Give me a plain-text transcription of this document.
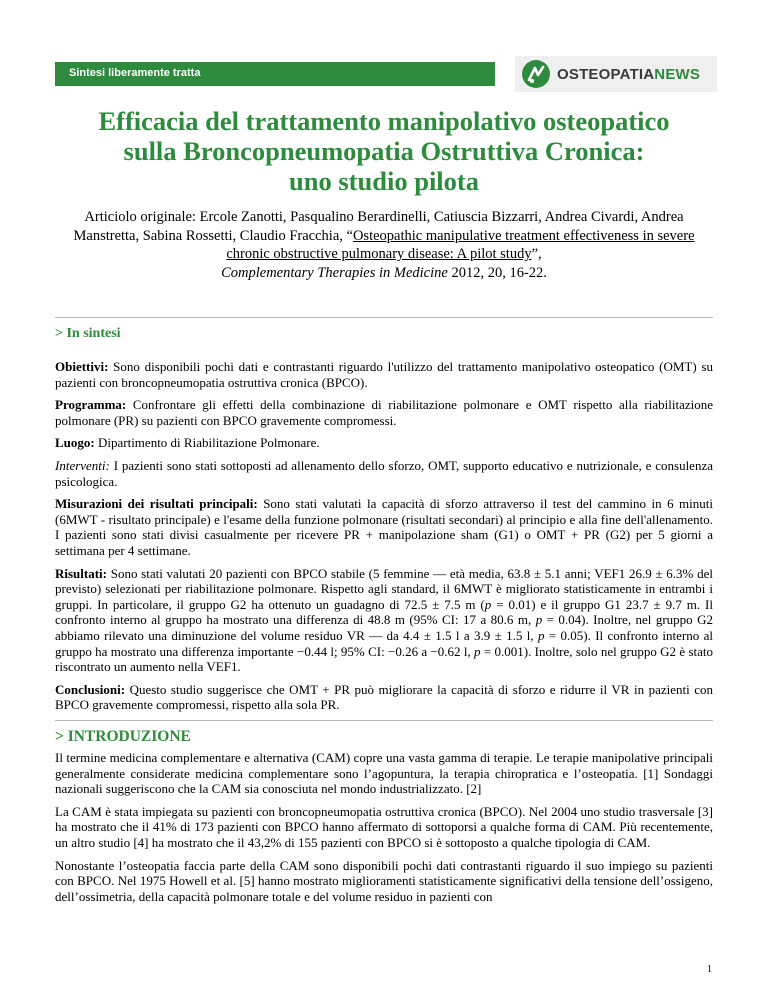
Sintesi liberamente tratta	OSTEOPATIANEWS
Efficacia del trattamento manipolativo osteopatico
sulla Broncopneumopatia Ostruttiva Cronica:
uno studio pilota
Articiolo originale: Ercole Zanotti, Pasqualino Berardinelli, Catiuscia Bizzarri, Andrea Civardi, Andrea Manstretta, Sabina Rossetti, Claudio Fracchia, “Osteopathic manipulative treatment effectiveness in severe chronic obstructive pulmonary disease: A pilot study”,
Complementary Therapies in Medicine 2012, 20, 16-22.
> In sintesi

Obiettivi: Sono disponibili pochi dati e contrastanti riguardo l'utilizzo del trattamento manipolativo osteopatico (OMT) su pazienti con broncopneumopatia ostruttiva cronica (BPCO).

Programma: Confrontare gli effetti della combinazione di riabilitazione polmonare e OMT rispetto alla riabilitazione polmonare (PR) su pazienti con BPCO gravemente compromessi.

Luogo: Dipartimento di Riabilitazione Polmonare.

Interventi: I pazienti sono stati sottoposti ad allenamento dello sforzo, OMT, supporto educativo e nutrizionale, e consulenza psicologica.

Misurazioni dei risultati principali: Sono stati valutati la capacità di sforzo attraverso il test del cammino in 6 minuti (6MWT - risultato principale) e l'esame della funzione polmonare (risultati secondari) al principio e alla fine dell'allenamento. I pazienti sono stati divisi casualmente per ricevere PR + manipolazione sham (G1) o OMT + PR (G2) per 5 giorni a settimana per 4 settimane.

Risultati: Sono stati valutati 20 pazienti con BPCO stabile (5 femmine — età media, 63.8 ± 5.1 anni; VEF1 26.9 ± 6.3% del previsto) selezionati per riabilitazione polmonare. Rispetto agli standard, il 6MWT è migliorato statisticamente in entrambi i gruppi. In particolare, il gruppo G2 ha ottenuto un guadagno di 72.5 ± 7.5 m (p = 0.01) e il gruppo G1 23.7 ± 9.7 m. Il confronto interno al gruppo ha mostrato una differenza di 48.8 m (95% CI: 17 a 80.6 m, p = 0.04). Inoltre, nel gruppo G2 abbiamo rilevato una diminuzione del volume residuo VR — da 4.4 ± 1.5 l a 3.9 ± 1.5 l, p = 0.05). Il confronto interno al gruppo ha mostrato una differenza importante −0.44 l; 95% CI: −0.26 a −0.62 l, p = 0.001). Inoltre, solo nel gruppo G2 è stato riscontrato un aumento nella VEF1.

Conclusioni: Questo studio suggerisce che OMT + PR può migliorare la capacità di sforzo e ridurre il VR in pazienti con BPCO gravemente compromessi, rispetto alla sola PR.

> INTRODUZIONE

Il termine medicina complementare e alternativa (CAM) copre una vasta gamma di terapie. Le terapie manipolative principali generalmente considerate medicina complementare sono l’agopuntura, la terapia chiropratica e l’osteopatia. [1] Sondaggi nazionali suggeriscono che la CAM sia conosciuta nel mondo industrializzato. [2]

La CAM è stata impiegata su pazienti con broncopneumopatia ostruttiva cronica (BPCO). Nel 2004 uno studio trasversale [3] ha mostrato che il 41% di 173 pazienti con BPCO hanno affermato di sottoporsi a qualche forma di CAM. Più recentemente, un altro studio [4] ha mostrato che il 43,2% di 155 pazienti con BPCO si è sottoposto a qualche tipologia di CAM.

Nonostante l’osteopatia faccia parte della CAM sono disponibili pochi dati contrastanti riguardo il suo impiego su pazienti con BPCO. Nel 1975 Howell et al. [5] hanno mostrato miglioramenti statisticamente significativi della tensione dell’ossigeno, dell’ossimetria, della capacità polmonare totale e del volume residuo in pazienti con

1
